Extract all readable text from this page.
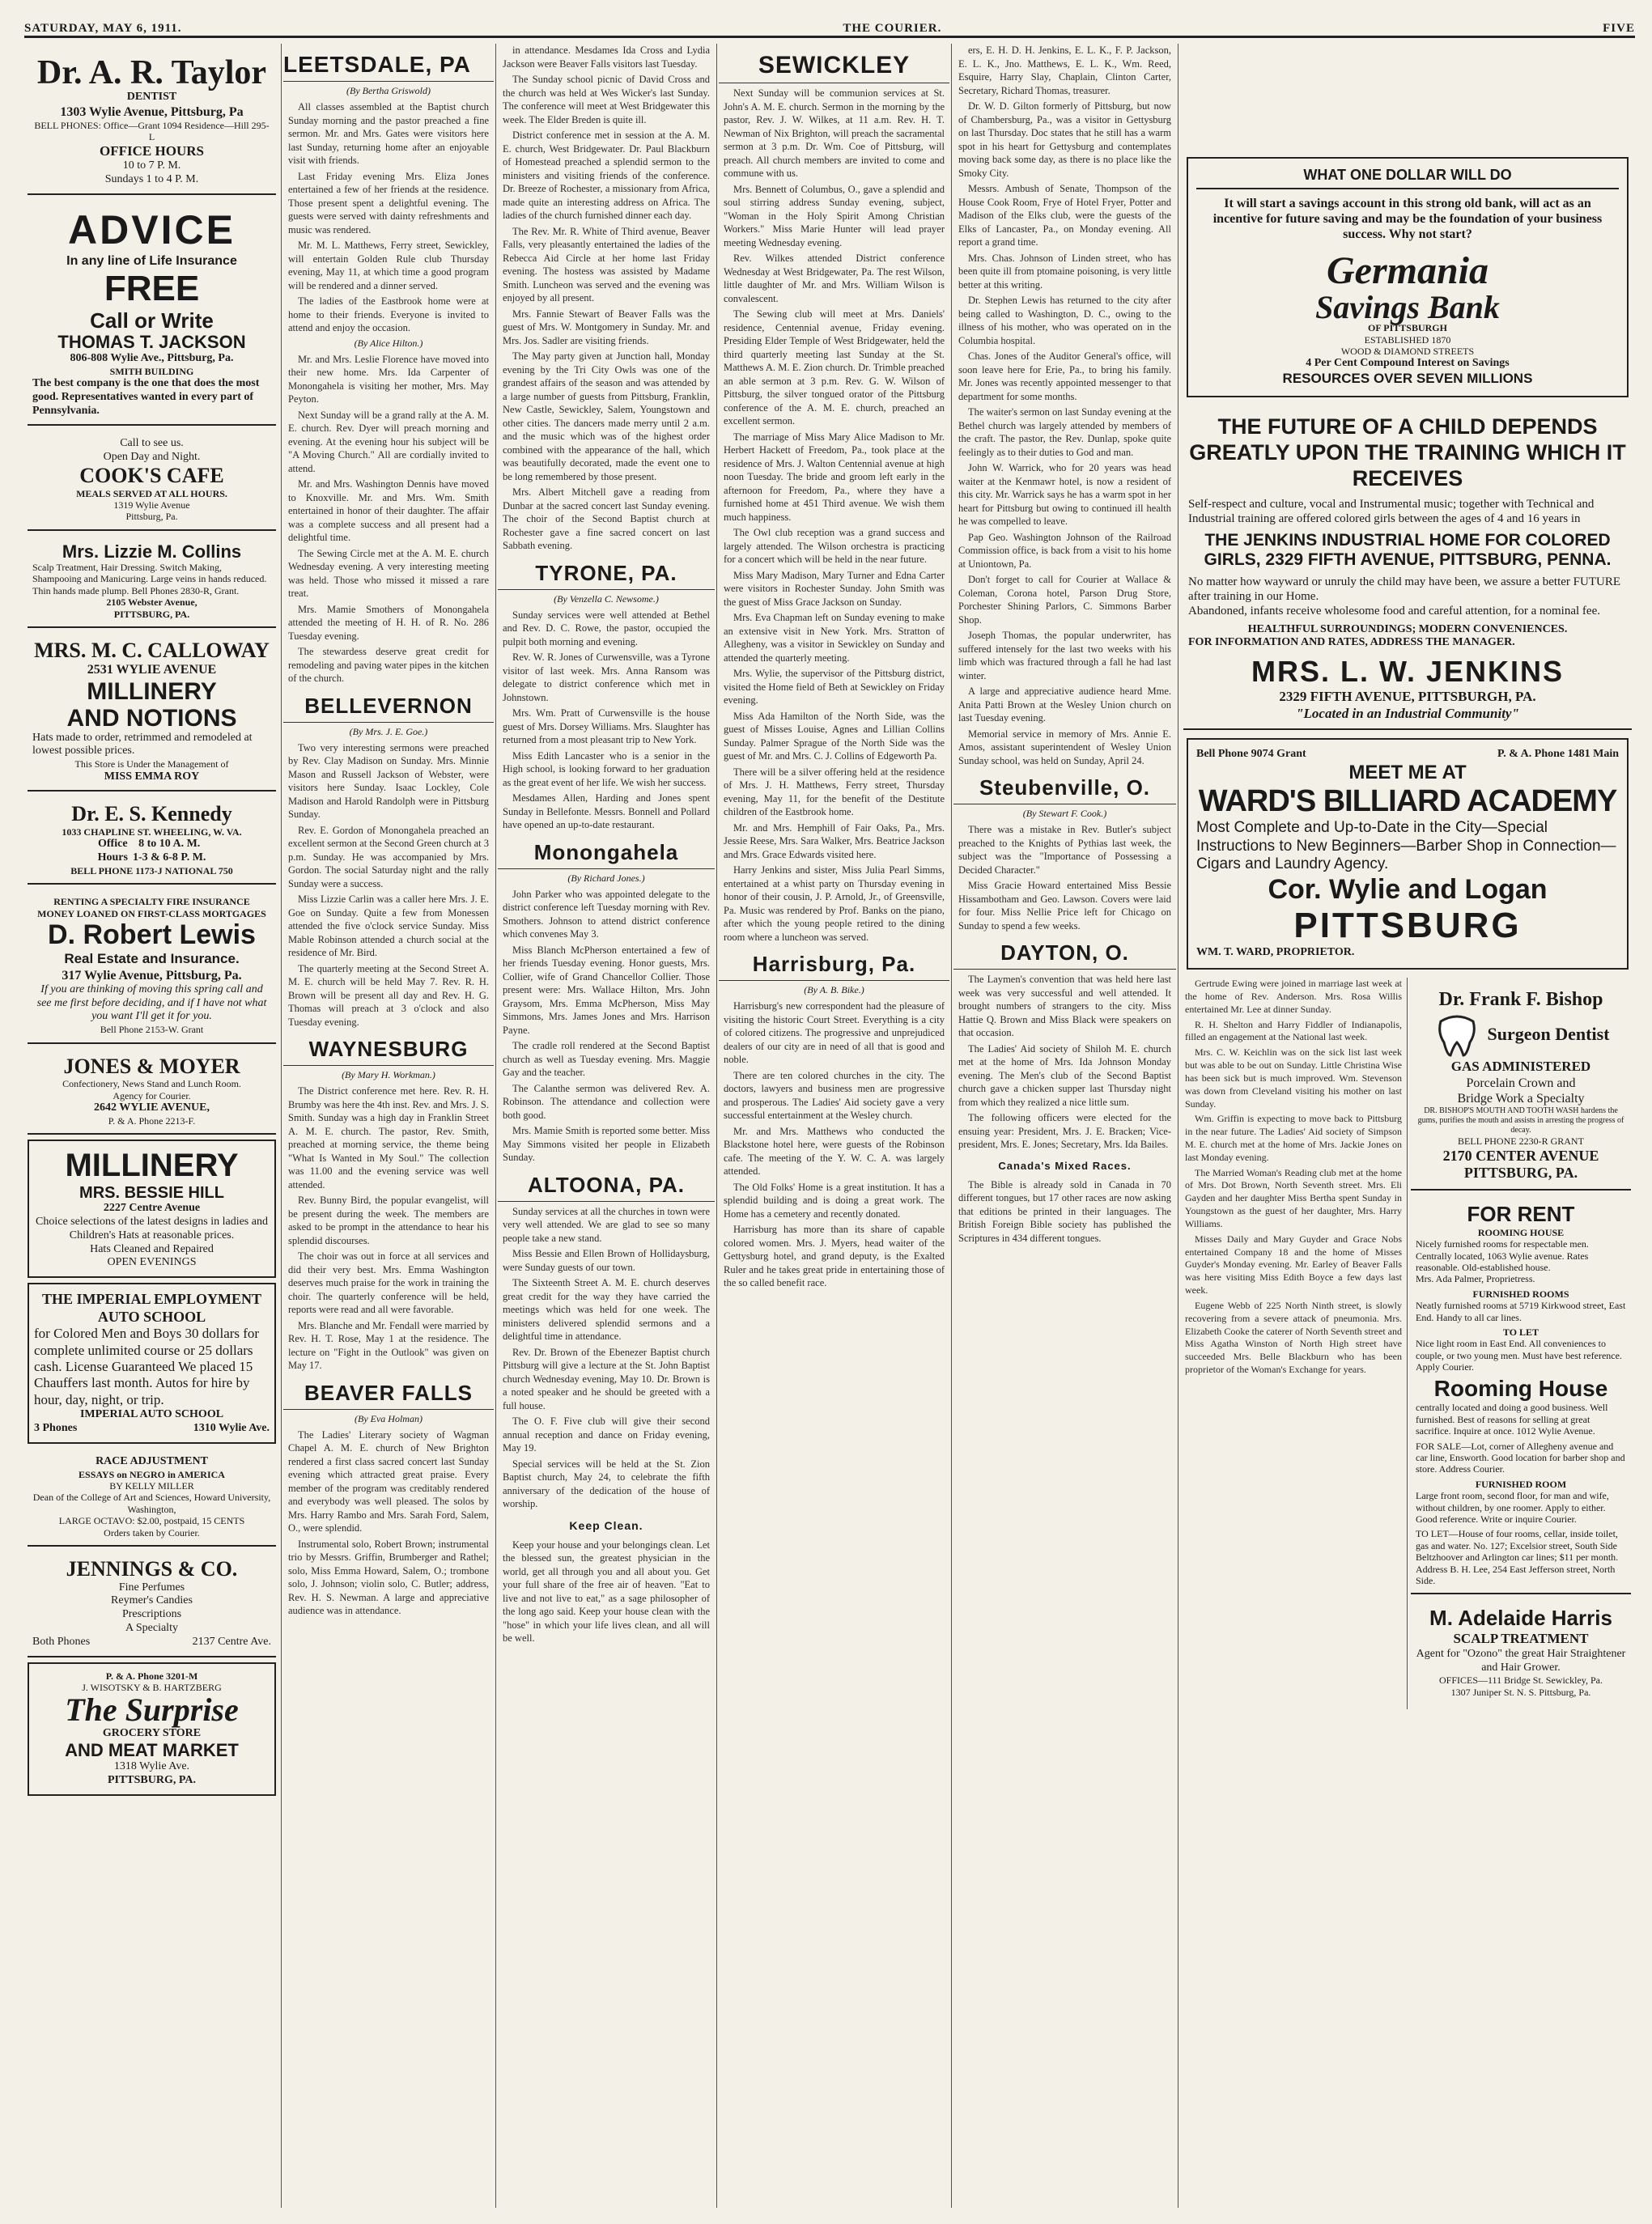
SATURDAY, MAY 6, 1911.	THE COURIER.	FIVE
Dr. A. R. Taylor
DENTIST
1303 Wylie Avenue, Pittsburg, Pa
BELL PHONES: Office—Grant 1094 Residence—Hill 295-L
OFFICE HOURS
10 to 7 P. M.
Sundays 1 to 4 P. M.
ADVICE
In any line of Life Insurance
FREE
Call or Write
THOMAS T. JACKSON
806-808 Wylie Ave., Pittsburg, Pa.
SMITH BUILDING
The best company is the one that does the most good. Representatives wanted in every part of Pennsylvania.
Call to see us.
Open Day and Night.
COOK'S CAFE
MEALS SERVED AT ALL HOURS.
1319 Wylie Avenue
Pittsburg, Pa.
Mrs. Lizzie M. Collins
Scalp Treatment, Hair Dressing. Switch Making, Shampooing and Manicuring. Large veins in hands reduced. Thin hands made plump. Bell Phones 2830-R, Grant.
2105 Webster Avenue,
PITTSBURG, PA.
MRS. M. C. CALLOWAY
2531 WYLIE AVENUE
MILLINERY
AND NOTIONS
Hats made to order, retrimmed and remodeled at lowest possible prices.
This Store is Under the Management of
MISS EMMA ROY
Dr. E. S. Kennedy
1033 CHAPLINE ST. WHEELING, W. VA.
Office
Hours
8 to 10 A. M.
1-3 & 6-8 P. M.
BELL PHONE 1173-J NATIONAL 750
RENTING A SPECIALTY FIRE INSURANCE
MONEY LOANED ON FIRST-CLASS MORTGAGES
D. Robert Lewis
Real Estate and Insurance.
317 Wylie Avenue, Pittsburg, Pa.
If you are thinking of moving this spring call and see me first before deciding, and if I have not what you want I'll get it for you.
Bell Phone 2153-W. Grant
JONES & MOYER
Confectionery, News Stand and Lunch Room.
Agency for Courier.
2642 WYLIE AVENUE,
P. & A. Phone 2213-F.
MILLINERY
MRS. BESSIE HILL
2227 Centre Avenue
Choice selections of the latest designs in ladies and Children's Hats at reasonable prices.
Hats Cleaned and Repaired
OPEN EVENINGS
THE IMPERIAL EMPLOYMENT AUTO SCHOOL
for Colored Men and Boys 30 dollars for complete unlimited course or 25 dollars cash. License Guaranteed We placed 15 Chauffers last month. Autos for hire by hour, day, night, or trip.
IMPERIAL AUTO SCHOOL
3 Phones	1310 Wylie Ave.
RACE ADJUSTMENT
ESSAYS on NEGRO in AMERICA
BY KELLY MILLER
Dean of the College of Art and Sciences, Howard University, Washington,
LARGE OCTAVO: $2.00, postpaid, 15 CENTS
Orders taken by Courier.
JENNINGS & CO.
Fine Perfumes
Reymer's Candies
Prescriptions
A Specialty
Both Phones	2137 Centre Ave.
P. & A. Phone 3201-M
J. WISOTSKY & B. HARTZBERG
The Surprise
GROCERY STORE
AND MEAT MARKET
1318 Wylie Ave.
PITTSBURG, PA.
LEETSDALE, PA
(By Bertha Griswold)

All classes assembled at the Baptist church Sunday morning and the pastor preached a fine sermon. Mr. and Mrs. Gates were visitors here last Sunday, returning home after an enjoyable visit with friends.

Last Friday evening Mrs. Eliza Jones entertained a few of her friends at the residence. Those present spent a delightful evening. The guests were served with dainty refreshments and music was rendered.

Mr. M. L. Matthews, Ferry street, Sewickley, will entertain Golden Rule club Thursday evening, May 11, at which time a good program will be rendered and a dinner served.

The ladies of the Eastbrook home were at home to their friends. Everyone is invited to attend and enjoy the occasion.

(By Alice Hilton.)

Mr. and Mrs. Leslie Florence have moved into their new home. Mrs. Ida Carpenter of Monongahela is visiting her mother, Mrs. May Peyton.

Next Sunday will be a grand rally at the A. M. E. church. Rev. Dyer will preach morning and evening. At the evening hour his subject will be "A Moving Church." All are cordially invited to attend.

Mr. and Mrs. Washington Dennis have moved to Knoxville. Mr. and Mrs. Wm. Smith entertained in honor of their daughter. The affair was a complete success and all present had a delightful time.

The Sewing Circle met at the A. M. E. church Wednesday evening. A very interesting meeting was held. Those who missed it missed a rare treat.

Mrs. Mamie Smothers of Monongahela attended the meeting of H. H. of R. No. 286 Tuesday evening.

The stewardess deserve great credit for remodeling and paving water pipes in the kitchen of the church.

BELLEVERNON
(By Mrs. J. E. Goe.)

Two very interesting sermons were preached by Rev. Clay Madison on Sunday. Mrs. Minnie Mason and Russell Jackson of Webster, were visitors here Sunday. Isaac Lockley, Cole Madison and Harold Randolph were in Pittsburg Sunday.

Rev. E. Gordon of Monongahela preached an excellent sermon at the Second Green church at 3 p.m. Sunday. He was accompanied by Mrs. Gordon. The social Saturday night and the rally Sunday were a success.

Miss Lizzie Carlin was a caller here Mrs. J. E. Goe on Sunday. Quite a few from Monessen attended the five o'clock service Sunday. Miss Mable Robinson attended a church social at the residence of Mr. Bird.

The quarterly meeting at the Second Street A. M. E. church will be held May 7. Rev. R. H. Brown will be present all day and Rev. H. G. Thomas will preach at 3 o'clock and also Tuesday evening.

WAYNESBURG
(By Mary H. Workman.)

The District conference met here. Rev. R. H. Brumby was here the 4th inst. Rev. and Mrs. J. S. Smith. Sunday was a high day in Franklin Street A. M. E. church. The pastor, Rev. Smith, preached at morning service, the theme being "What Is Wanted in My Soul." The collection was 11.00 and the evening service was well attended.

Rev. Bunny Bird, the popular evangelist, will be present during the week. The members are asked to be prompt in the attendance to hear his splendid discourses.

The choir was out in force at all services and did their very best. Mrs. Emma Washington deserves much praise for the work in training the choir. The quarterly conference will be held, reports were read and all were favorable.

Mrs. Blanche and Mr. Fendall were married by Rev. H. T. Rose, May 1 at the residence. The lecture on "Fight in the Outlook" was given on May 17.

BEAVER FALLS
(By Eva Holman)

The Ladies' Literary society of Wagman Chapel A. M. E. church of New Brighton rendered a first class sacred concert last Sunday evening which attracted great praise. Every member of the program was creditably rendered and everybody was well pleased. The solos by Mrs. Harry Rambo and Mrs. Sarah Ford, Salem, O., were splendid.

Instrumental solo, Robert Brown; instrumental trio by Messrs. Griffin, Brumberger and Rathel; solo, Miss Emma Howard, Salem, O.; trombone solo, J. Johnson; violin solo, C. Butler; address, Rev. H. S. Newman. A large and appreciative audience was in attendance.

in attendance. Mesdames Ida Cross and Lydia Jackson were Beaver Falls visitors last Tuesday.

The Sunday school picnic of David Cross and the church was held at Wes Wicker's last Sunday. The conference will meet at West Bridgewater this week. The Elder Breden is quite ill.

District conference met in session at the A. M. E. church, West Bridgewater. Dr. Paul Blackburn of Homestead preached a splendid sermon to the ministers and visiting friends of the conference. Dr. Breeze of Rochester, a missionary from Africa, made quite an interesting address on Africa. The ladies of the church furnished dinner each day.

The Rev. Mr. R. White of Third avenue, Beaver Falls, very pleasantly entertained the ladies of the Rebecca Aid Circle at her home last Friday evening. The hostess was assisted by Madame Smith. Luncheon was served and the evening was enjoyed by all present.

Mrs. Fannie Stewart of Beaver Falls was the guest of Mrs. W. Montgomery in Sunday. Mr. and Mrs. Jos. Sadler are visiting friends.

The May party given at Junction hall, Monday evening by the Tri City Owls was one of the grandest affairs of the season and was attended by a large number of guests from Pittsburg, Franklin, New Castle, Sewickley, Salem, Youngstown and other cities. The dancers made merry until 2 a.m. and the music which was of the highest order combined with the appearance of the hall, which was beautifully decorated, made the event one to be long remembered by those present.

Mrs. Albert Mitchell gave a reading from Dunbar at the sacred concert last Sunday evening. The choir of the Second Baptist church at Rochester gave a fine sacred concert on last Sabbath evening.

TYRONE, PA.
(By Venzella C. Newsome.)

Sunday services were well attended at Bethel and Rev. D. C. Rowe, the pastor, occupied the pulpit both morning and evening.

Rev. W. R. Jones of Curwensville, was a Tyrone visitor of last week. Mrs. Anna Ransom was delegate to district conference which met in Johnstown.

Mrs. Wm. Pratt of Curwensville is the house guest of Mrs. Dorsey Williams. Mrs. Slaughter has returned from a most pleasant trip to New York.

Miss Edith Lancaster who is a senior in the High school, is looking forward to her graduation as the great event of her life. We wish her success.

Mesdames Allen, Harding and Jones spent Sunday in Bellefonte. Messrs. Bonnell and Pollard have opened an up-to-date restaurant.

Monongahela
(By Richard Jones.)

John Parker who was appointed delegate to the district conference left Tuesday morning with Rev. Smothers. Johnson to attend district conference which convenes May 3.

Miss Blanch McPherson entertained a few of her friends Tuesday evening. Honor guests, Mrs. Collier, wife of Grand Chancellor Collier. Those present were: Mrs. Wallace Hilton, Mrs. John Graysom, Mrs. Emma McPherson, Miss May Simmons, Mrs. James Jones and Mrs. Harrison Payne.

The cradle roll rendered at the Second Baptist church as well as Tuesday evening. Mrs. Maggie Gay and the teacher.

The Calanthe sermon was delivered Rev. A. Robinson. The attendance and collection were both good.

Mrs. Mamie Smith is reported some better. Miss May Simmons visited her people in Elizabeth Sunday.

ALTOONA, PA.

Sunday services at all the churches in town were very well attended. We are glad to see so many people take a new stand.

Miss Bessie and Ellen Brown of Hollidaysburg, were Sunday guests of our town.

The Sixteenth Street A. M. E. church deserves great credit for the way they have carried the meetings which was held for one week. The ministers delivered splendid sermons and a delightful time in attendance.

Rev. Dr. Brown of the Ebenezer Baptist church Pittsburg will give a lecture at the St. John Baptist church Wednesday evening, May 10. Dr. Brown is a noted speaker and he should be greeted with a full house.

The O. F. Five club will give their second annual reception and dance on Friday evening, May 19.

Special services will be held at the St. Zion Baptist church, May 24, to celebrate the fifth anniversary of the dedication of the house of worship.

Keep Clean.

Keep your house and your belongings clean. Let the blessed sun, the greatest physician in the world, get all through you and all about you. Get your full share of the free air of heaven. "Eat to live and not live to eat," as a sage philosopher of the long ago said. Keep your house clean with the "hose" in which your life lives clean, and all will be well.

SEWICKLEY

Next Sunday will be communion services at St. John's A. M. E. church. Sermon in the morning by the pastor, Rev. J. W. Wilkes, at 11 a.m. Rev. H. T. Newman of Nix Brighton, will preach the sacramental sermon at 3 p.m. Dr. Wm. Coe of Pittsburg, will preach. All church members are invited to come and commune with us.

Mrs. Bennett of Columbus, O., gave a splendid and soul stirring address Sunday evening, subject, "Woman in the Holy Spirit Among Christian Workers." Miss Marie Hunter will lead prayer meeting Wednesday evening.

Rev. Wilkes attended District conference Wednesday at West Bridgewater, Pa. The rest Wilson, little daughter of Mr. and Mrs. William Wilson is convalescent.

The Sewing club will meet at Mrs. Daniels' residence, Centennial avenue, Friday evening. Presiding Elder Temple of West Bridgewater, held the third quarterly meeting last Sunday at the St. Matthews A. M. E. Zion church. Dr. Trimble preached an able sermon at 3 p.m. Rev. G. W. Wilson of Pittsburg, the silver tongued orator of the Pittsburg conference of the A. M. E. church, preached an excellent sermon.

The marriage of Miss Mary Alice Madison to Mr. Herbert Hackett of Freedom, Pa., took place at the residence of Mrs. J. Walton Centennial avenue at high noon Tuesday. The bride and groom left early in the afternoon for Freedom, Pa., where they have a furnished home at 451 Third avenue. We wish them much happiness.

The Owl club reception was a grand success and largely attended. The Wilson orchestra is practicing for a concert which will be held in the near future.

Miss Mary Madison, Mary Turner and Edna Carter were visitors in Rochester Sunday. John Smith was the guest of Miss Grace Jackson on Sunday.

Mrs. Eva Chapman left on Sunday evening to make an extensive visit in New York. Mrs. Stratton of Allegheny, was a visitor in Sewickley on Sunday and attended the quarterly meeting.

Mrs. Wylie, the supervisor of the Pittsburg district, visited the Home field of Beth at Sewickley on Friday evening.

Miss Ada Hamilton of the North Side, was the guest of Misses Louise, Agnes and Lillian Collins Sunday. Palmer Sprague of the North Side was the guest of Mr. and Mrs. C. J. Collins of Edgeworth Pa.

There will be a silver offering held at the residence of Mrs. J. H. Matthews, Ferry street, Thursday evening, May 11, for the benefit of the Destitute children of the Eastbrook home.

Mr. and Mrs. Hemphill of Fair Oaks, Pa., Mrs. Jessie Reese, Mrs. Sara Walker, Mrs. Beatrice Jackson and Mrs. Grace Edwards visited here.

Harry Jenkins and sister, Miss Julia Pearl Simms, entertained at a whist party on Thursday evening in honor of their cousin, J. P. Arnold, Jr., of Greensville, Pa. Music was rendered by Prof. Banks on the piano, after which the young people retired to the dining room where a luncheon was served.

Harrisburg, Pa.
(By A. B. Bike.)

Harrisburg's new correspondent had the pleasure of visiting the historic Court Street. Everything is a city of colored citizens. The progressive and unprejudiced dealers of our city are in need of all that is good and noble.

There are ten colored churches in the city. The doctors, lawyers and business men are progressive and prosperous. The Ladies' Aid society gave a very successful entertainment at the Wesley church.

Mr. and Mrs. Matthews who conducted the Blackstone hotel here, were guests of the Robinson cafe. The meeting of the Y. W. C. A. was largely attended.

The Old Folks' Home is a great institution. It has a splendid building and is doing a great work. The Home has a cemetery and recently donated.

Harrisburg has more than its share of capable colored women. Mrs. J. Myers, head waiter of the Gettysburg hotel, and grand deputy, is the Exalted Ruler and he takes great pride in entertaining those of the so called benefit race.

ers, E. H. D. H. Jenkins, E. L. K., F. P. Jackson, E. L. K., Jno. Matthews, E. L. K., Wm. Reed, Esquire, Harry Slay, Chaplain, Clinton Carter, Secretary, Richard Thomas, treasurer.

Dr. W. D. Gilton formerly of Pittsburg, but now of Chambersburg, Pa., was a visitor in Gettysburg on last Thursday. Doc states that he still has a warm spot in his heart for Gettysburg and contemplates moving back some day, as there is no place like the Smoky City.

Messrs. Ambush of Senate, Thompson of the House Cook Room, Frye of Hotel Fryer, Potter and Madison of the Elks club, were the guests of the Elks of Lancaster, Pa., on Monday evening. All report a grand time.

Mrs. Chas. Johnson of Linden street, who has been quite ill from ptomaine poisoning, is very little better at this writing.

Dr. Stephen Lewis has returned to the city after being called to Washington, D. C., owing to the illness of his mother, who was operated on in the Columbia hospital.

Chas. Jones of the Auditor General's office, will soon leave here for Erie, Pa., to bring his family. Mr. Jones was recently appointed messenger to that department for some months.

The waiter's sermon on last Sunday evening at the Bethel church was largely attended by members of the craft. The pastor, the Rev. Dunlap, spoke quite feelingly as to their duties to God and man.

John W. Warrick, who for 20 years was head waiter at the Kenmawr hotel, is now a resident of this city. Mr. Warrick says he has a warm spot in her heart for Pittsburg but owing to continued ill health he was compelled to leave.

Pap Geo. Washington Johnson of the Railroad Commission office, is back from a visit to his home at Uniontown, Pa.

Don't forget to call for Courier at Wallace & Coleman, Corona hotel, Parson Drug Store, Porchester Shining Parlors, C. Simmons Barber Shop.

Joseph Thomas, the popular underwriter, has suffered intensely for the last two weeks with his limb which was fractured through a fall he had last winter.

A large and appreciative audience heard Mme. Anita Patti Brown at the Wesley Union church on last Tuesday evening.

Memorial service in memory of Mrs. Annie E. Amos, assistant superintendent of Wesley Union Sunday school, was held on Sunday, April 24.

Steubenville, O.
(By Stewart F. Cook.)

There was a mistake in Rev. Butler's subject preached to the Knights of Pythias last week, the subject was the "Importance of Possessing a Decided Character."

Miss Gracie Howard entertained Miss Bessie Hissambotham and Geo. Lawson. Covers were laid for four. Miss Nellie Price left for Chicago on Sunday to spend a few weeks.

DAYTON, O.

The Laymen's convention that was held here last week was very successful and well attended. It brought numbers of strangers to the city. Miss Hattie Q. Brown and Miss Black were speakers on that occasion.

The Ladies' Aid society of Shiloh M. E. church met at the home of Mrs. Ida Johnson Monday evening. The Men's club of the Second Baptist church gave a chicken supper last Thursday night from which they realized a nice little sum.

The following officers were elected for the ensuing year: President, Mrs. J. E. Bracken; Vice-president, Mrs. E. Jones; Secretary, Mrs. Ida Bailes.

Canada's Mixed Races.

The Bible is already sold in Canada in 70 different tongues, but 17 other races are now asking that editions be printed in their languages. The British Foreign Bible society has published the Scriptures in 434 different tongues.

WHAT ONE DOLLAR WILL DO
It will start a savings account in this strong old bank, will act as an incentive for future saving and may be the foundation of your business success. Why not start?
Germania
Savings Bank
OF PITTSBURGH
ESTABLISHED 1870
WOOD & DIAMOND STREETS
4 Per Cent Compound Interest on Savings
RESOURCES OVER SEVEN MILLIONS
THE FUTURE OF A CHILD DEPENDS GREATLY UPON THE TRAINING WHICH IT RECEIVES
Self-respect and culture, vocal and Instrumental music; together with Technical and Industrial training are offered colored girls between the ages of 4 and 16 years in
THE JENKINS INDUSTRIAL HOME FOR COLORED GIRLS, 2329 FIFTH AVENUE, PITTSBURG, PENNA.
No matter how wayward or unruly the child may have been, we assure a better FUTURE after training in our Home.
Abandoned, infants receive wholesome food and careful attention, for a nominal fee.
HEALTHFUL SURROUNDINGS; MODERN CONVENIENCES.
FOR INFORMATION AND RATES, ADDRESS THE MANAGER.
MRS. L. W. JENKINS
2329 FIFTH AVENUE, PITTSBURGH, PA.
"Located in an Industrial Community"
Bell Phone 9074 Grant	P. & A. Phone 1481 Main
MEET ME AT
WARD'S BILLIARD ACADEMY
Most Complete and Up-to-Date in the City—Special Instructions to New Beginners—Barber Shop in Connection—Cigars and Laundry Agency.
Cor. Wylie and Logan
PITTSBURG
WM. T. WARD, PROPRIETOR.

Gertrude Ewing were joined in marriage last week at the home of Rev. Anderson. Mrs. Rosa Willis entertained Mr. Lee at dinner Sunday.

R. H. Shelton and Harry Fiddler of Indianapolis, filled an engagement at the National last week.

Mrs. C. W. Keichlin was on the sick list last week but was able to be out on Sunday. Little Christina Wise has been sick but is much improved. Wm. Stevenson was down from Cleveland visiting his mother on last Sunday.

Wm. Griffin is expecting to move back to Pittsburg in the near future. The Ladies' Aid society of Simpson M. E. church met at the home of Mrs. Jackie Jones on last Monday evening.

The Married Woman's Reading club met at the home of Mrs. Dot Brown, North Seventh street. Mrs. Eli Gayden and her daughter Miss Bertha spent Sunday in Youngstown as the guest of her daughter, Mrs. Harry Williams.

Misses Daily and Mary Guyder and Grace Nobs entertained Company 18 and the home of Misses Guyder's Monday evening. Mr. Earley of Beaver Falls was here visiting Miss Edith Boyce a few days last week.

Eugene Webb of 225 North Ninth street, is slowly recovering from a severe attack of pneumonia. Mrs. Elizabeth Cooke the caterer of North Seventh street and Miss Agatha Winston of North High street have succeeded Mrs. Belle Blackburn who has been proprietor of the Woman's Exchange for years.

Dr. Frank F. Bishop
Surgeon Dentist
GAS ADMINISTERED
Porcelain Crown and
Bridge Work a Specialty
DR. BISHOP'S MOUTH AND TOOTH WASH hardens the gums, purifies the mouth and assists in arresting the progress of decay.
BELL PHONE 2230-R GRANT
2170 CENTER AVENUE
PITTSBURG, PA.
FOR RENT
ROOMING HOUSE
Nicely furnished rooms for respectable men. Centrally located, 1063 Wylie avenue. Rates reasonable. Old-established house.
Mrs. Ada Palmer, Proprietress.
FURNISHED ROOMS
Neatly furnished rooms at 5719 Kirkwood street, East End. Handy to all car lines.
TO LET
Nice light room in East End. All conveniences to couple, or two young men. Must have best reference. Apply Courier.
Rooming House
centrally located and doing a good business. Well furnished. Best of reasons for selling at great sacrifice. Inquire at once. 1012 Wylie Avenue.
FOR SALE—Lot, corner of Allegheny avenue and car line, Ensworth. Good location for barber shop and store. Address Courier.
FURNISHED ROOM
Large front room, second floor, for man and wife, without children, by one roomer. Apply to either. Good reference. Write or inquire Courier.
TO LET—House of four rooms, cellar, inside toilet, gas and water. No. 127; Excelsior street, South Side Beltzhoover and Arlington car lines; $11 per month. Address B. H. Lee, 254 East Jefferson street, North Side.
M. Adelaide Harris
SCALP TREATMENT
Agent for "Ozono" the great Hair Straightener and Hair Grower.
OFFICES—111 Bridge St. Sewickley, Pa.
1307 Juniper St. N. S. Pittsburg, Pa.
